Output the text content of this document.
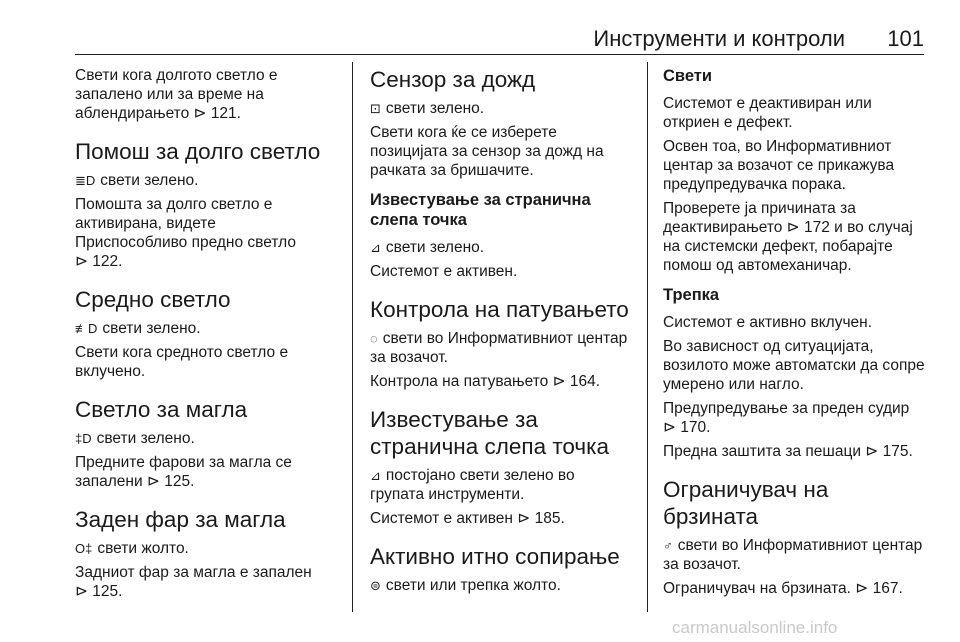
Инструменти и контроли 101

Свети кога долгото светло е
запалено или за време на
аблендирањето ⊳ 121.

Помош за долго светло

≣D свети зелено.

Помошта за долго светло е
активирана, видете
Приспособливо предно светло
⊳ 122.

Средно светло

≢D свети зелено.

Свети кога средното светло е
вклучено.

Светло за магла

‡D свети зелено.

Предните фарови за магла се
запалени ⊳ 125.

Заден фар за магла

O‡ свети жолто.

Задниот фар за магла е запален
⊳ 125.

Сензор за дожд

⊡ свети зелено.

Свети кога ќе се изберете
позицијата за сензор за дожд на
рачката за бришачите.

Известување за странична слепа точка

⊿ свети зелено.

Системот е активен.

Контрола на патувањето

◌ свети во Информативниот центар за возачот.

Контрола на патувањето ⊳ 164.

Известување за странична слепа точка

⊿ постојано свети зелено во групата инструменти.

Системот е активен ⊳ 185.

Активно итно сопирање

⊜ свети или трепка жолто.

Свети

Системот е деактивиран или откриен е дефект.

Освен тоа, во Информативниот центар за возачот се прикажува предупредувачка порака.

Проверете ја причината за деактивирањето ⊳ 172 и во случај на системски дефект, побарајте помош од автомеханичар.

Трепка

Системот е активно вклучен.

Во зависност од ситуацијата, возилото може автоматски да сопре умерено или нагло.

Предупредување за преден судир ⊳ 170.

Предна заштита за пешаци ⊳ 175.

Ограничувач на брзината

♂ свети во Информативниот центар за возачот.

Ограничувач на брзината. ⊳ 167.

carmanualsonline.info
